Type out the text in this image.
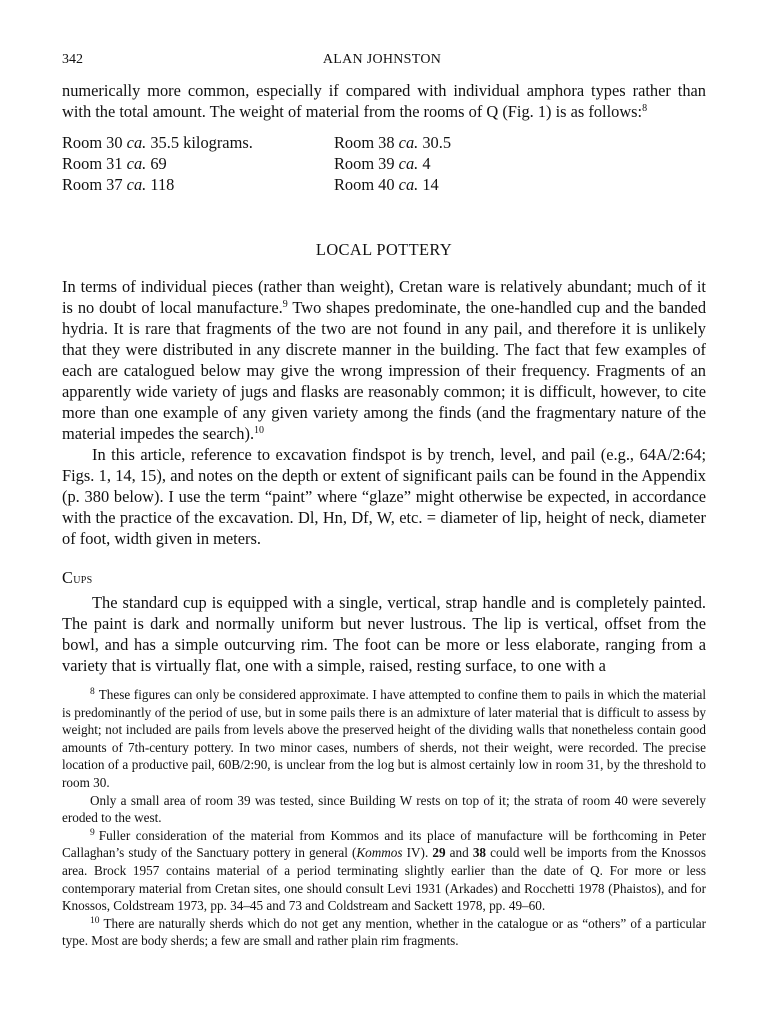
342	ALAN JOHNSTON

numerically more common, especially if compared with individual amphora types rather than with the total amount. The weight of material from the rooms of Q (Fig. 1) is as follows:$^8$

Room 30 ca. 35.5 kilograms.
Room 31 ca. 69
Room 37 ca. 118
Room 38 ca. 30.5
Room 39 ca. 4
Room 40 ca. 14
LOCAL POTTERY

In terms of individual pieces (rather than weight), Cretan ware is relatively abundant; much of it is no doubt of local manufacture.$^9$ Two shapes predominate, the one-handled cup and the banded hydria. It is rare that fragments of the two are not found in any pail, and therefore it is unlikely that they were distributed in any discrete manner in the building. The fact that few examples of each are catalogued below may give the wrong impression of their frequency. Fragments of an apparently wide variety of jugs and flasks are reasonably common; it is difficult, however, to cite more than one example of any given variety among the finds (and the fragmentary nature of the material impedes the search).$^{10}$

In this article, reference to excavation findspot is by trench, level, and pail (e.g., 64A/2:64; Figs. 1, 14, 15), and notes on the depth or extent of significant pails can be found in the Appendix (p. 380 below). I use the term “paint” where “glaze” might otherwise be expected, in accordance with the practice of the excavation. Dl, Hn, Df, W, etc. = diameter of lip, height of neck, diameter of foot, width given in meters.

Cups

The standard cup is equipped with a single, vertical, strap handle and is completely painted. The paint is dark and normally uniform but never lustrous. The lip is vertical, offset from the bowl, and has a simple outcurving rim. The foot can be more or less elaborate, ranging from a variety that is virtually flat, one with a simple, raised, resting surface, to one with a

$^8$ These figures can only be considered approximate. I have attempted to confine them to pails in which the material is predominantly of the period of use, but in some pails there is an admixture of later material that is difficult to assess by weight; not included are pails from levels above the preserved height of the dividing walls that nonetheless contain good amounts of 7th-century pottery. In two minor cases, numbers of sherds, not their weight, were recorded. The precise location of a productive pail, 60B/2:90, is unclear from the log but is almost certainly low in room 31, by the threshold to room 30.

Only a small area of room 39 was tested, since Building W rests on top of it; the strata of room 40 were severely eroded to the west.

$^9$ Fuller consideration of the material from Kommos and its place of manufacture will be forthcoming in Peter Callaghan’s study of the Sanctuary pottery in general (Kommos IV). 29 and 38 could well be imports from the Knossos area. Brock 1957 contains material of a period terminating slightly earlier than the date of Q. For more or less contemporary material from Cretan sites, one should consult Levi 1931 (Arkades) and Rocchetti 1978 (Phaistos), and for Knossos, Coldstream 1973, pp. 34–45 and 73 and Coldstream and Sackett 1978, pp. 49–60.

$^{10}$ There are naturally sherds which do not get any mention, whether in the catalogue or as “others” of a particular type. Most are body sherds; a few are small and rather plain rim fragments.
